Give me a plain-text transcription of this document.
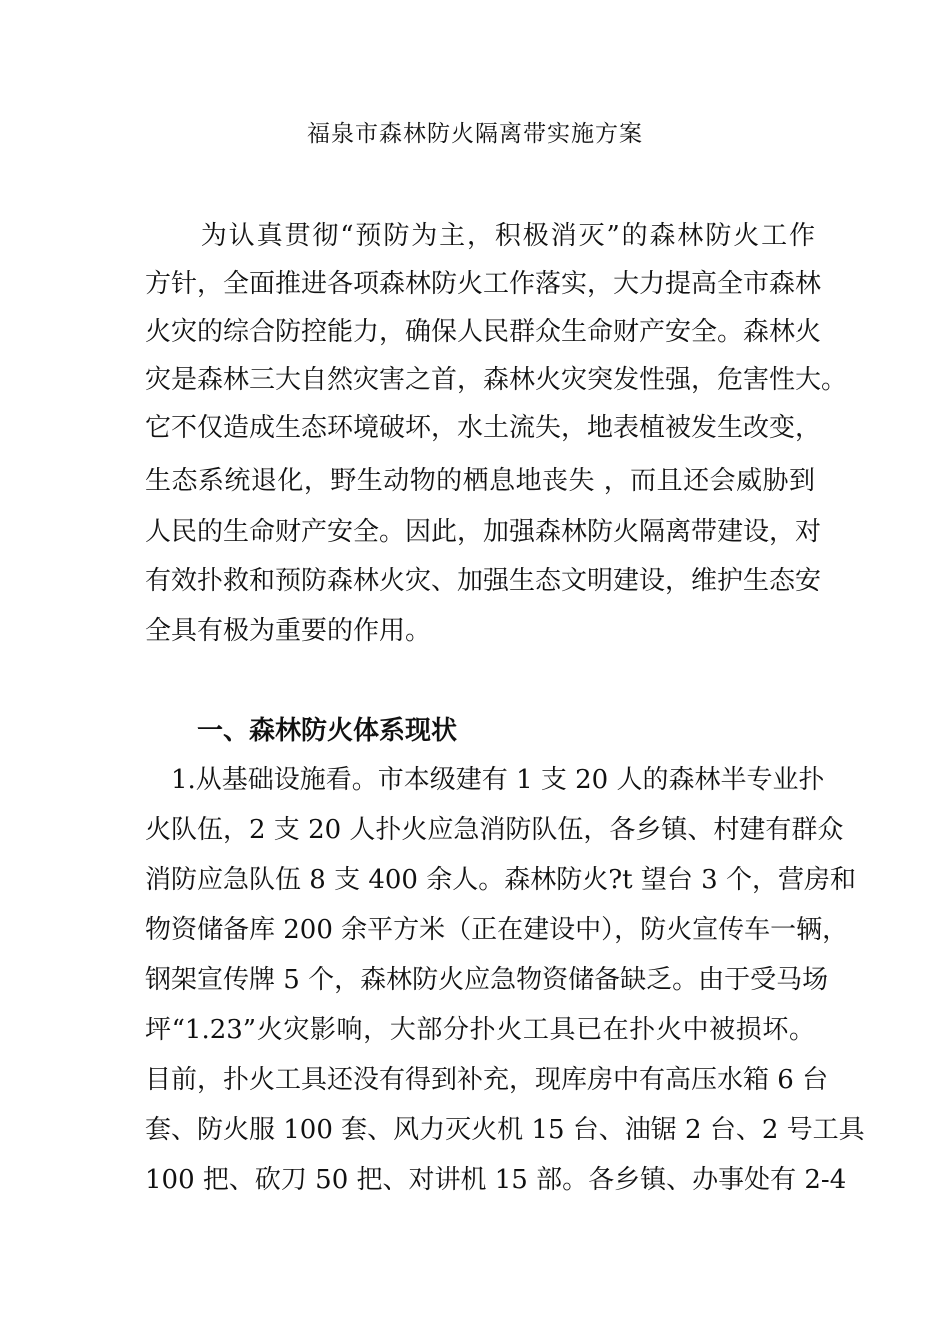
福泉市森林防火隔离带实施方案

　　为认真贯彻“预防为主，积极消灭”的森林防火工作

方针，全面推进各项森林防火工作落实，大力提高全市森林

火灾的综合防控能力，确保人民群众生命财产安全。森林火

灾是森林三大自然灾害之首，森林火灾突发性强，危害性大。

它不仅造成生态环境破坏，水土流失，地表植被发生改变，

生态系统退化，野生动物的栖息地丧失 ，而且还会威胁到

人民的生命财产安全。因此，加强森林防火隔离带建设，对

有效扑救和预防森林火灾、加强生态文明建设，维护生态安

全具有极为重要的作用。

一、森林防火体系现状

　1.从基础设施看。市本级建有 1 支 20 人的森林半专业扑

火队伍，2 支 20 人扑火应急消防队伍，各乡镇、村建有群众

消防应急队伍 8 支 400 余人。森林防火?t 望台 3 个，营房和

物资储备库 200 余平方米（正在建设中），防火宣传车一辆，

钢架宣传牌 5 个，森林防火应急物资储备缺乏。由于受马场

坪“1.23”火灾影响，大部分扑火工具已在扑火中被损坏。

目前，扑火工具还没有得到补充，现库房中有高压水箱 6 台

套、防火服 100 套、风力灭火机 15 台、油锯 2 台、2 号工具

100 把、砍刀 50 把、对讲机 15 部。各乡镇、办事处有 2-4
